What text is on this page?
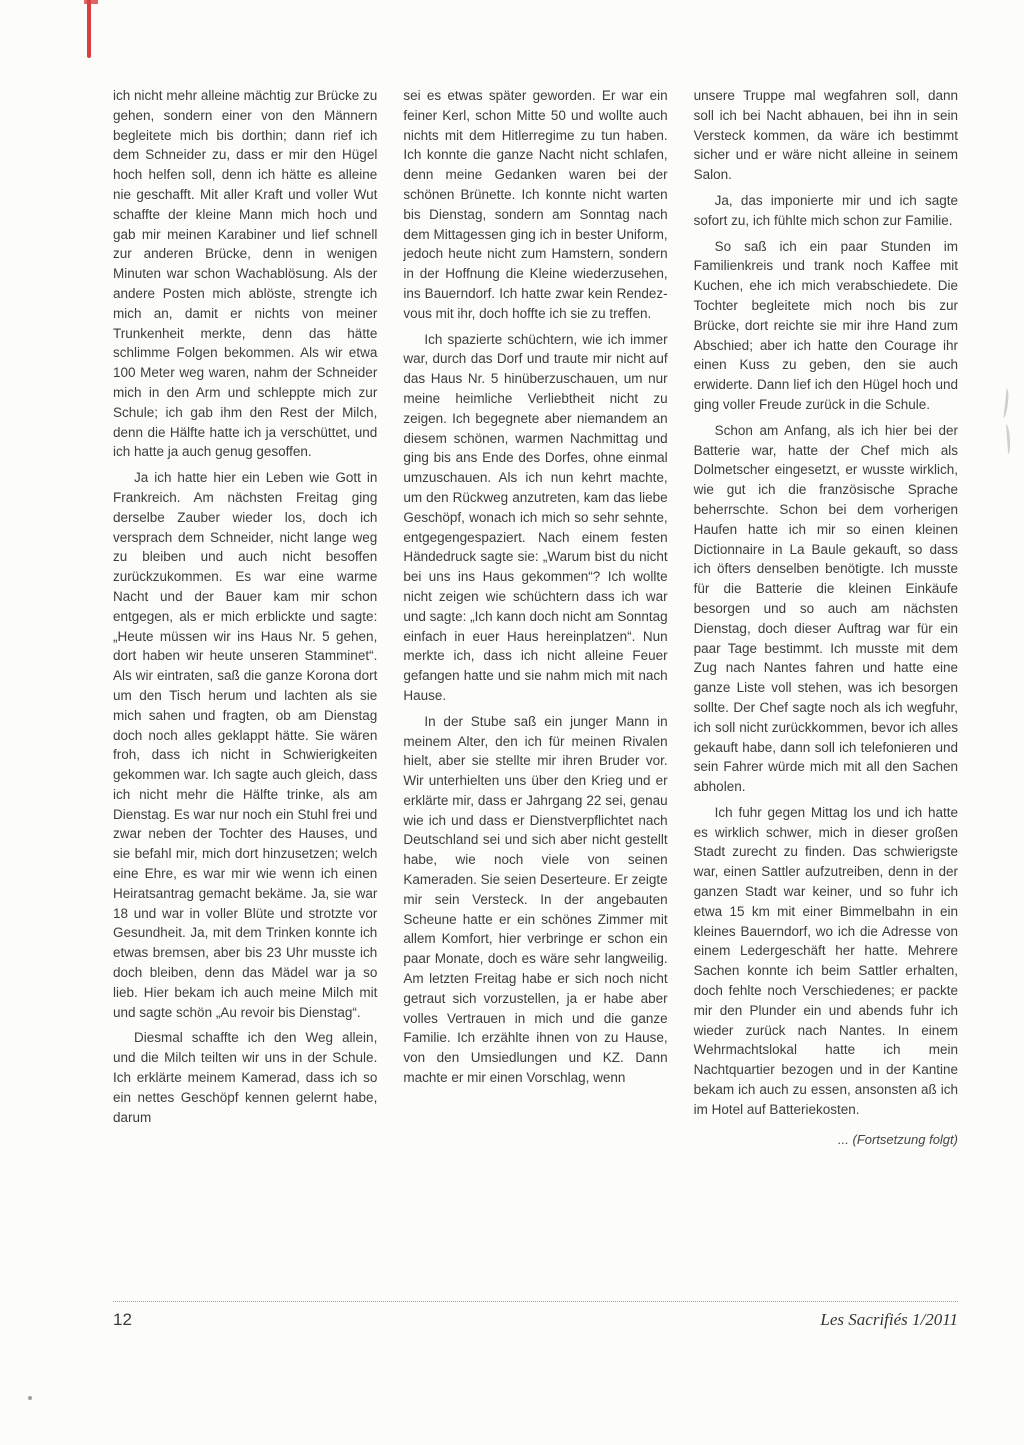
ich nicht mehr alleine mächtig zur Brücke zu gehen, sondern einer von den Männern begleitete mich bis dorthin; dann rief ich dem Schneider zu, dass er mir den Hügel hoch helfen soll, denn ich hätte es alleine nie geschafft. Mit aller Kraft und voller Wut schaffte der kleine Mann mich hoch und gab mir meinen Karabiner und lief schnell zur anderen Brücke, denn in wenigen Minuten war schon Wachablösung. Als der andere Posten mich ablöste, strengte ich mich an, damit er nichts von meiner Trunkenheit merkte, denn das hätte schlimme Folgen bekommen. Als wir etwa 100 Meter weg waren, nahm der Schneider mich in den Arm und schleppte mich zur Schule; ich gab ihm den Rest der Milch, denn die Hälfte hatte ich ja verschüttet, und ich hatte ja auch genug gesoffen.

Ja ich hatte hier ein Leben wie Gott in Frankreich. Am nächsten Freitag ging derselbe Zauber wieder los, doch ich versprach dem Schneider, nicht lange weg zu bleiben und auch nicht besoffen zurückzukommen. Es war eine warme Nacht und der Bauer kam mir schon entgegen, als er mich erblickte und sagte: „Heute müssen wir ins Haus Nr. 5 gehen, dort haben wir heute unseren Stamminet“. Als wir eintraten, saß die ganze Korona dort um den Tisch herum und lachten als sie mich sahen und fragten, ob am Dienstag doch noch alles geklappt hätte. Sie wären froh, dass ich nicht in Schwierigkeiten gekommen war. Ich sagte auch gleich, dass ich nicht mehr die Hälfte trinke, als am Dienstag. Es war nur noch ein Stuhl frei und zwar neben der Tochter des Hauses, und sie befahl mir, mich dort hinzusetzen; welch eine Ehre, es war mir wie wenn ich einen Heiratsantrag gemacht bekäme. Ja, sie war 18 und war in voller Blüte und strotzte vor Gesundheit. Ja, mit dem Trinken konnte ich etwas bremsen, aber bis 23 Uhr musste ich doch bleiben, denn das Mädel war ja so lieb. Hier bekam ich auch meine Milch mit und sagte schön „Au revoir bis Dienstag“.

Diesmal schaffte ich den Weg allein, und die Milch teilten wir uns in der Schule. Ich erklärte meinem Kamerad, dass ich so ein nettes Geschöpf kennen gelernt habe, darum

sei es etwas später geworden. Er war ein feiner Kerl, schon Mitte 50 und wollte auch nichts mit dem Hitlerregime zu tun haben. Ich konnte die ganze Nacht nicht schlafen, denn meine Gedanken waren bei der schönen Brünette. Ich konnte nicht warten bis Dienstag, sondern am Sonntag nach dem Mittagessen ging ich in bester Uniform, jedoch heute nicht zum Hamstern, sondern in der Hoffnung die Kleine wiederzusehen, ins Bauerndorf. Ich hatte zwar kein Rendez-vous mit ihr, doch hoffte ich sie zu treffen.

Ich spazierte schüchtern, wie ich immer war, durch das Dorf und traute mir nicht auf das Haus Nr. 5 hinüberzuschauen, um nur meine heimliche Verliebtheit nicht zu zeigen. Ich begegnete aber niemandem an diesem schönen, warmen Nachmittag und ging bis ans Ende des Dorfes, ohne einmal umzuschauen. Als ich nun kehrt machte, um den Rückweg anzutreten, kam das liebe Geschöpf, wonach ich mich so sehr sehnte, entgegengespaziert. Nach einem festen Händedruck sagte sie: „Warum bist du nicht bei uns ins Haus gekommen“? Ich wollte nicht zeigen wie schüchtern dass ich war und sagte: „Ich kann doch nicht am Sonntag einfach in euer Haus hereinplatzen“. Nun merkte ich, dass ich nicht alleine Feuer gefangen hatte und sie nahm mich mit nach Hause.

In der Stube saß ein junger Mann in meinem Alter, den ich für meinen Rivalen hielt, aber sie stellte mir ihren Bruder vor. Wir unterhielten uns über den Krieg und er erklärte mir, dass er Jahrgang 22 sei, genau wie ich und dass er Dienstverpflichtet nach Deutschland sei und sich aber nicht gestellt habe, wie noch viele von seinen Kameraden. Sie seien Deserteure. Er zeigte mir sein Versteck. In der angebauten Scheune hatte er ein schönes Zimmer mit allem Komfort, hier verbringe er schon ein paar Monate, doch es wäre sehr langweilig. Am letzten Freitag habe er sich noch nicht getraut sich vorzustellen, ja er habe aber volles Vertrauen in mich und die ganze Familie. Ich erzählte ihnen von zu Hause, von den Umsiedlungen und KZ. Dann machte er mir einen Vorschlag, wenn

unsere Truppe mal wegfahren soll, dann soll ich bei Nacht abhauen, bei ihn in sein Versteck kommen, da wäre ich bestimmt sicher und er wäre nicht alleine in seinem Salon.

Ja, das imponierte mir und ich sagte sofort zu, ich fühlte mich schon zur Familie.

So saß ich ein paar Stunden im Familienkreis und trank noch Kaffee mit Kuchen, ehe ich mich verabschiedete. Die Tochter begleitete mich noch bis zur Brücke, dort reichte sie mir ihre Hand zum Abschied; aber ich hatte den Courage ihr einen Kuss zu geben, den sie auch erwiderte. Dann lief ich den Hügel hoch und ging voller Freude zurück in die Schule.

Schon am Anfang, als ich hier bei der Batterie war, hatte der Chef mich als Dolmetscher eingesetzt, er wusste wirklich, wie gut ich die französische Sprache beherrschte. Schon bei dem vorherigen Haufen hatte ich mir so einen kleinen Dictionnaire in La Baule gekauft, so dass ich öfters denselben benötigte. Ich musste für die Batterie die kleinen Einkäufe besorgen und so auch am nächsten Dienstag, doch dieser Auftrag war für ein paar Tage bestimmt. Ich musste mit dem Zug nach Nantes fahren und hatte eine ganze Liste voll stehen, was ich besorgen sollte. Der Chef sagte noch als ich wegfuhr, ich soll nicht zurückkommen, bevor ich alles gekauft habe, dann soll ich telefonieren und sein Fahrer würde mich mit all den Sachen abholen.

Ich fuhr gegen Mittag los und ich hatte es wirklich schwer, mich in dieser großen Stadt zurecht zu finden. Das schwierigste war, einen Sattler aufzutreiben, denn in der ganzen Stadt war keiner, und so fuhr ich etwa 15 km mit einer Bimmelbahn in ein kleines Bauerndorf, wo ich die Adresse von einem Ledergeschäft her hatte. Mehrere Sachen konnte ich beim Sattler erhalten, doch fehlte noch Verschiedenes; er packte mir den Plunder ein und abends fuhr ich wieder zurück nach Nantes. In einem Wehrmachtslokal hatte ich mein Nachtquartier bezogen und in der Kantine bekam ich auch zu essen, ansonsten aß ich im Hotel auf Batteriekosten.

... (Fortsetzung folgt)
12	Les Sacrifiés 1/2011
